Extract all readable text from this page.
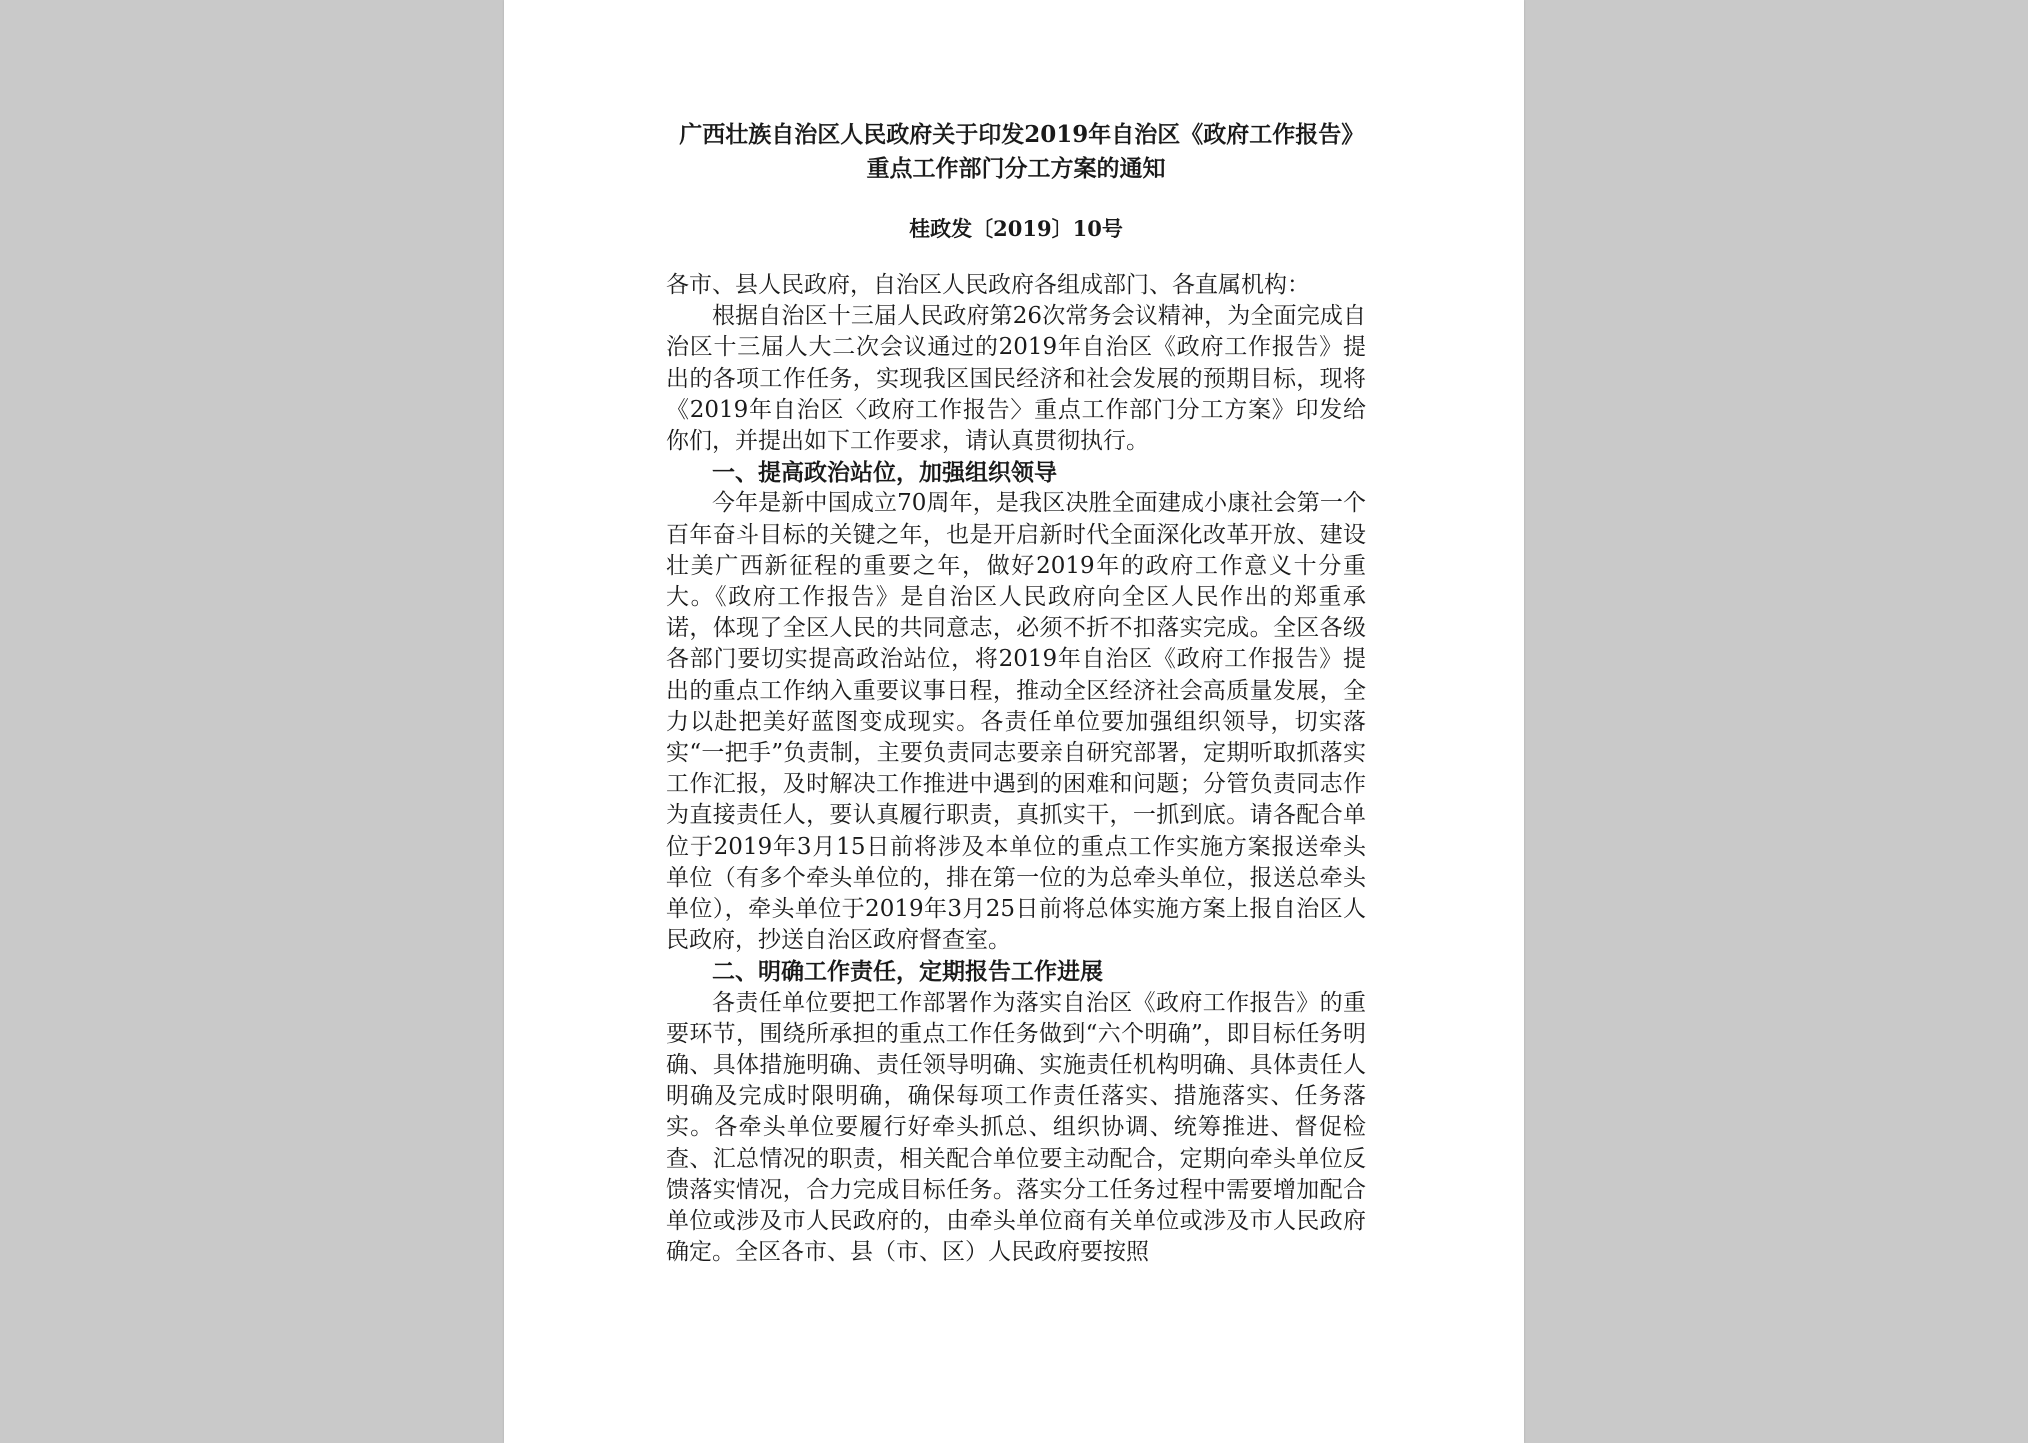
广西壮族自治区人民政府关于印发2019年自治区《政府工作报告》重点工作部门分工方案的通知
桂政发〔2019〕10号

各市、县人民政府，自治区人民政府各组成部门、各直属机构：

根据自治区十三届人民政府第26次常务会议精神，为全面完成自治区十三届人大二次会议通过的2019年自治区《政府工作报告》提出的各项工作任务，实现我区国民经济和社会发展的预期目标，现将《2019年自治区〈政府工作报告〉重点工作部门分工方案》印发给你们，并提出如下工作要求，请认真贯彻执行。

一、提高政治站位，加强组织领导

今年是新中国成立70周年，是我区决胜全面建成小康社会第一个百年奋斗目标的关键之年，也是开启新时代全面深化改革开放、建设壮美广西新征程的重要之年，做好2019年的政府工作意义十分重大。《政府工作报告》是自治区人民政府向全区人民作出的郑重承诺，体现了全区人民的共同意志，必须不折不扣落实完成。全区各级各部门要切实提高政治站位，将2019年自治区《政府工作报告》提出的重点工作纳入重要议事日程，推动全区经济社会高质量发展，全力以赴把美好蓝图变成现实。各责任单位要加强组织领导，切实落实“一把手”负责制，主要负责同志要亲自研究部署，定期听取抓落实工作汇报，及时解决工作推进中遇到的困难和问题；分管负责同志作为直接责任人，要认真履行职责，真抓实干，一抓到底。请各配合单位于2019年3月15日前将涉及本单位的重点工作实施方案报送牵头单位（有多个牵头单位的，排在第一位的为总牵头单位，报送总牵头单位），牵头单位于2019年3月25日前将总体实施方案上报自治区人民政府，抄送自治区政府督查室。

二、明确工作责任，定期报告工作进展

各责任单位要把工作部署作为落实自治区《政府工作报告》的重要环节，围绕所承担的重点工作任务做到“六个明确”，即目标任务明确、具体措施明确、责任领导明确、实施责任机构明确、具体责任人明确及完成时限明确，确保每项工作责任落实、措施落实、任务落实。各牵头单位要履行好牵头抓总、组织协调、统筹推进、督促检查、汇总情况的职责，相关配合单位要主动配合，定期向牵头单位反馈落实情况，合力完成目标任务。落实分工任务过程中需要增加配合单位或涉及市人民政府的，由牵头单位商有关单位或涉及市人民政府确定。全区各市、县（市、区）人民政府要按照
